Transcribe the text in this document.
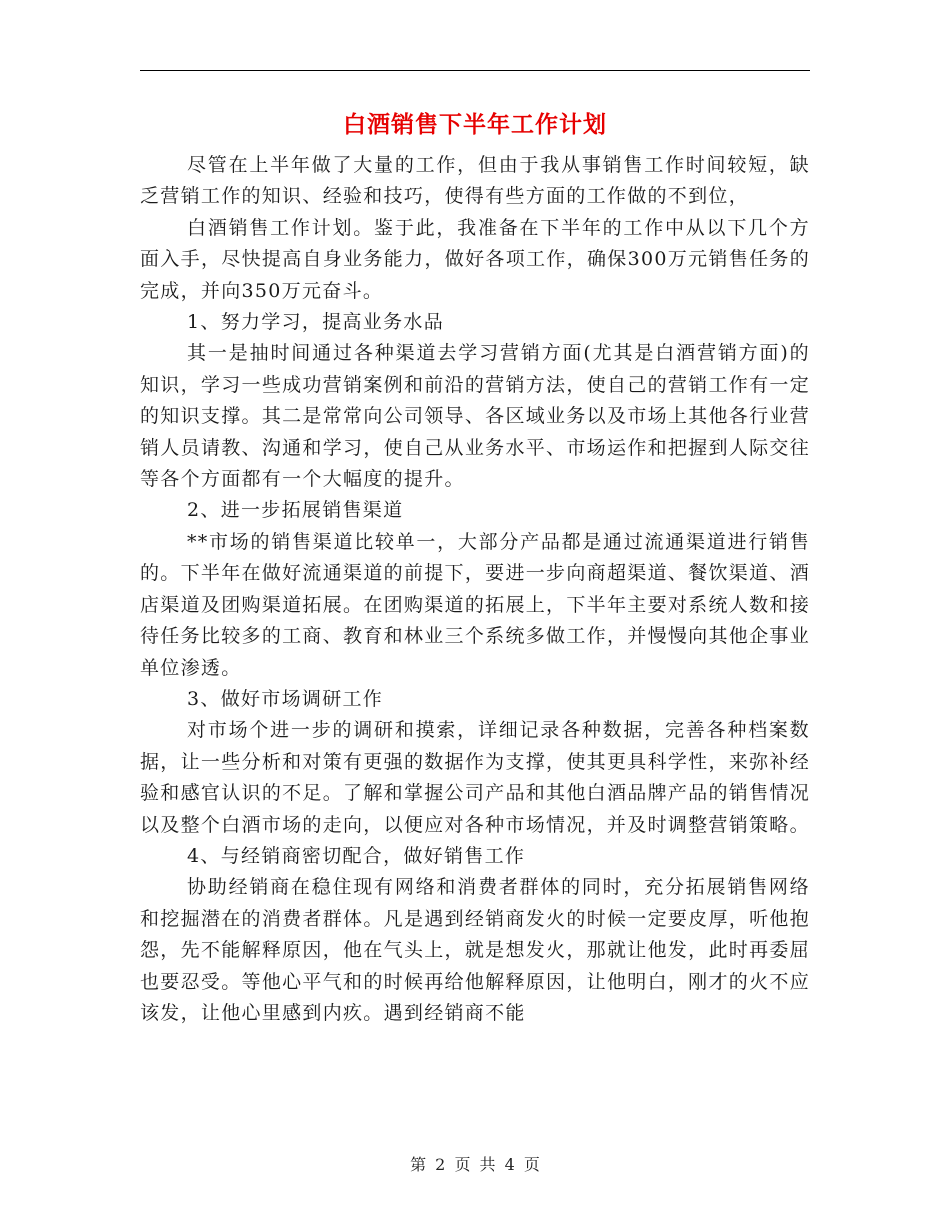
白酒销售下半年工作计划

尽管在上半年做了大量的工作，但由于我从事销售工作时间较短，缺乏营销工作的知识、经验和技巧，使得有些方面的工作做的不到位，

白酒销售工作计划。鉴于此，我准备在下半年的工作中从以下几个方面入手，尽快提高自身业务能力，做好各项工作，确保300万元销售任务的完成，并向350万元奋斗。

1、努力学习，提高业务水品

其一是抽时间通过各种渠道去学习营销方面(尤其是白酒营销方面)的知识，学习一些成功营销案例和前沿的营销方法，使自己的营销工作有一定的知识支撑。其二是常常向公司领导、各区域业务以及市场上其他各行业营销人员请教、沟通和学习，使自己从业务水平、市场运作和把握到人际交往等各个方面都有一个大幅度的提升。

2、进一步拓展销售渠道

**市场的销售渠道比较单一，大部分产品都是通过流通渠道进行销售的。下半年在做好流通渠道的前提下，要进一步向商超渠道、餐饮渠道、酒店渠道及团购渠道拓展。在团购渠道的拓展上，下半年主要对系统人数和接待任务比较多的工商、教育和林业三个系统多做工作，并慢慢向其他企事业单位渗透。

3、做好市场调研工作

对市场个进一步的调研和摸索，详细记录各种数据，完善各种档案数据，让一些分析和对策有更强的数据作为支撑，使其更具科学性，来弥补经验和感官认识的不足。了解和掌握公司产品和其他白酒品牌产品的销售情况以及整个白酒市场的走向，以便应对各种市场情况，并及时调整营销策略。

4、与经销商密切配合，做好销售工作

协助经销商在稳住现有网络和消费者群体的同时，充分拓展销售网络和挖掘潜在的消费者群体。凡是遇到经销商发火的时候一定要皮厚，听他抱怨，先不能解释原因，他在气头上，就是想发火，那就让他发，此时再委屈也要忍受。等他心平气和的时候再给他解释原因，让他明白，刚才的火不应该发，让他心里感到内疚。遇到经销商不能

第 2 页 共 4 页
